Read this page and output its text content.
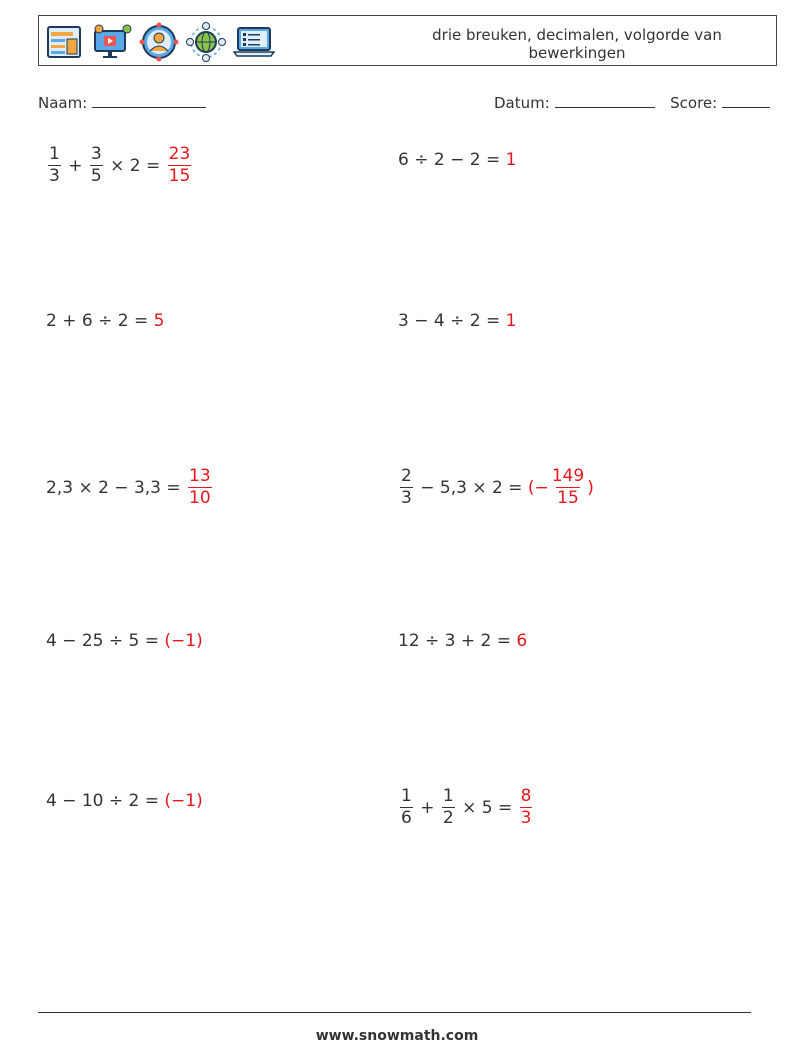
drie breuken, decimalen, volgorde van bewerkingen
Naam:	Datum:	Score:
$\frac{1}{3} + \frac{3}{5} \times 2 = \frac{23}{15}$	6 ÷ 2 − 2 = 1
2 + 6 ÷ 2 = 5	3 − 4 ÷ 2 = 1
$2,3 \times 2 - 3,3 = \frac{13}{10}$	$\frac{2}{3} - 5,3 \times 2$ = (− $\frac{149}{15}$ )
4 − 25 ÷ 5 = (−1)	12 ÷ 3 + 2 = 6
4 − 10 ÷ 2 = (−1)	$\frac{1}{6} + \frac{1}{2} \times 5 = \frac{8}{3}$
www.snowmath.com
